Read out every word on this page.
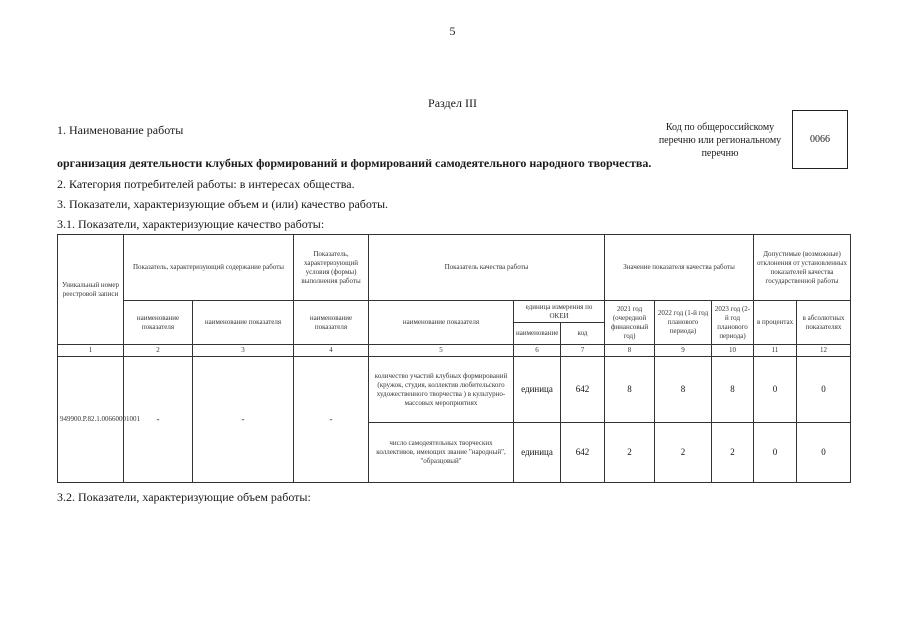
5
Раздел III
1. Наименование работы	Код по общероссийскому перечню или региональному перечню
0066
организация деятельности клубных формирований и формирований самодеятельного народного творчества.
2. Категория потребителей работы: в интересах общества.
3. Показатели, характеризующие объем и (или) качество работы.
3.1. Показатели, характеризующие качество работы:
Уникальный номер реестровой записи	Показатель, характеризующий содержание работы		Показатель, характеризующий условия (формы) выполнения работы	Показатель качества работы			Значение показателя качества работы			Допустимые (возможные) отклонения от установленных показателей качества государственной работы	
	наименование показателя	наименование показателя	наименование показателя	наименование показателя	единица измерения по ОКЕИ		2021 год (очередной финансовый год)	2022 год (1-й год планового периода)	2023 год (2-й год планового периода)	в процентах	в абсолютных показателях
					наименование	код					
1	2	3	4	5	6	7	8	9	10	11	12
949900.Р.82.1.00660001001	-	-	-	количество участий клубных формирований (кружок, студия, коллектив любительского художественного творчества ) в культурно-массовых мероприятиях	единица	642	8	8	8	0	0
				число самодеятельных творческих коллективов, имеющих звание "народный", "образцовый"	единица	642	2	2	2	0	0
3.2. Показатели, характеризующие объем работы:
